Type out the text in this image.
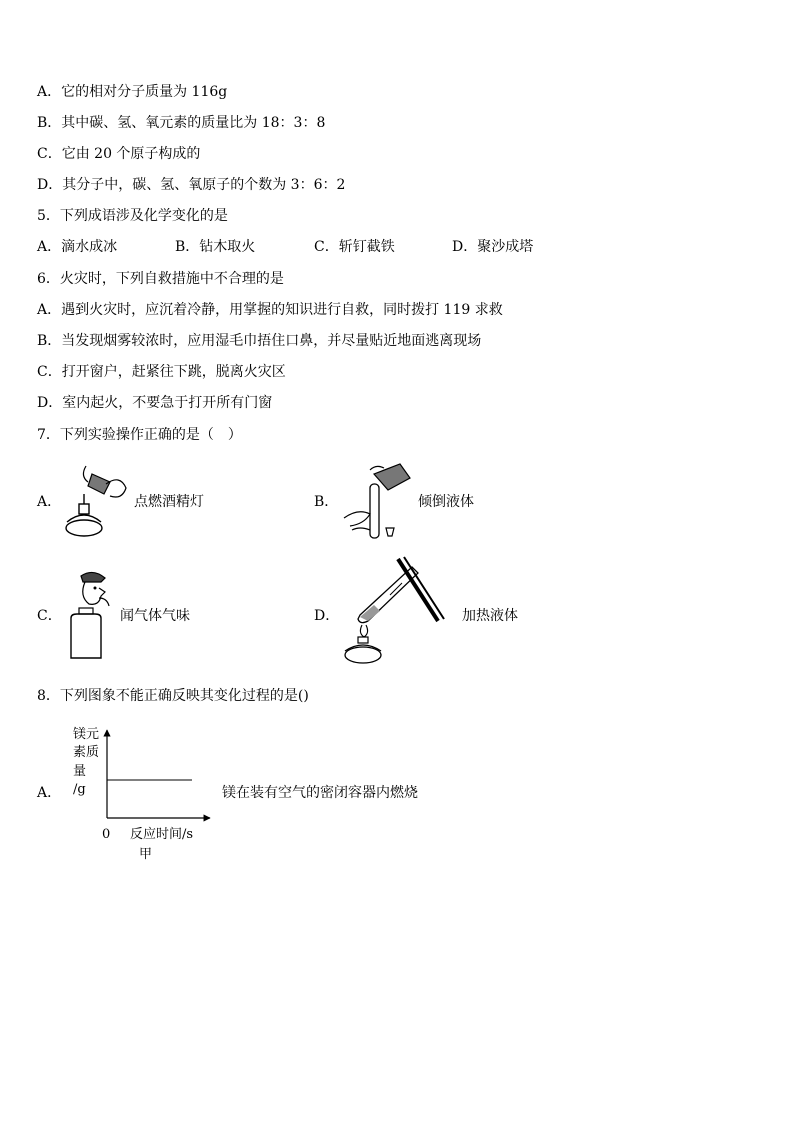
A．它的相对分子质量为 116g
B．其中碳、氢、氧元素的质量比为 18：3：8
C．它由 20 个原子构成的
D．其分子中，碳、氢、氧原子的个数为 3：6：2
5．下列成语涉及化学变化的是
A．滴水成冰	B．钻木取火	C．斩钉截铁	D．聚沙成塔
6．火灾时，下列自救措施中不合理的是
A．遇到火灾时，应沉着冷静，用掌握的知识进行自救，同时拨打 119 求救
B．当发现烟雾较浓时，应用湿毛巾捂住口鼻，并尽量贴近地面逃离现场
C．打开窗户，赶紧往下跳，脱离火灾区
D．室内起火，不要急于打开所有门窗
7．下列实验操作正确的是（　）
A．	点燃酒精灯	B．	倾倒液体
C．	闻气体气味	D．	加热液体
8．下列图象不能正确反映其变化过程的是()
A．
镁元
素质
量
/g
0 反应时间/s
甲
镁在装有空气的密闭容器内燃烧
